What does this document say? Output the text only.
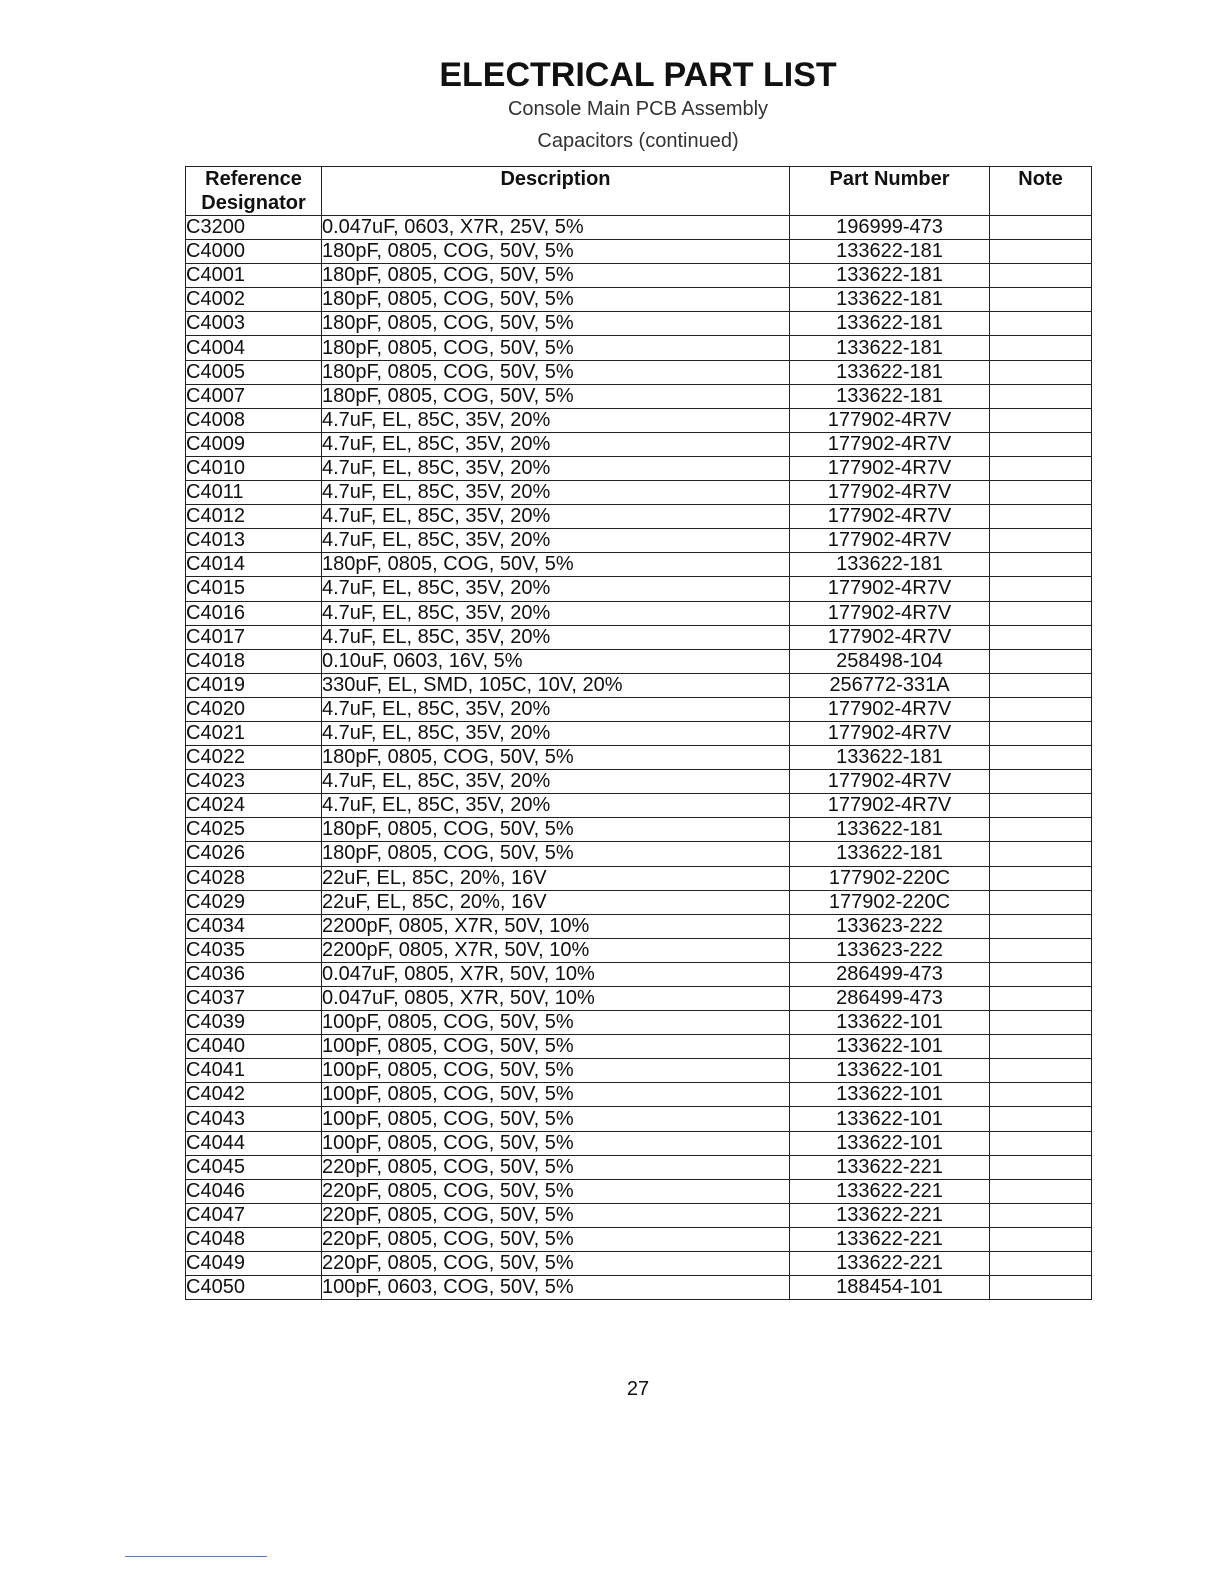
ELECTRICAL PART LIST
Console Main PCB Assembly
Capacitors (continued)
Reference
Designator	Description	Part Number	Note
C3200	0.047uF, 0603, X7R, 25V, 5%	196999-473	
C4000	180pF, 0805, COG, 50V, 5%	133622-181	
C4001	180pF, 0805, COG, 50V, 5%	133622-181	
C4002	180pF, 0805, COG, 50V, 5%	133622-181	
C4003	180pF, 0805, COG, 50V, 5%	133622-181	
C4004	180pF, 0805, COG, 50V, 5%	133622-181	
C4005	180pF, 0805, COG, 50V, 5%	133622-181	
C4007	180pF, 0805, COG, 50V, 5%	133622-181	
C4008	4.7uF, EL, 85C, 35V, 20%	177902-4R7V	
C4009	4.7uF, EL, 85C, 35V, 20%	177902-4R7V	
C4010	4.7uF, EL, 85C, 35V, 20%	177902-4R7V	
C4011	4.7uF, EL, 85C, 35V, 20%	177902-4R7V	
C4012	4.7uF, EL, 85C, 35V, 20%	177902-4R7V	
C4013	4.7uF, EL, 85C, 35V, 20%	177902-4R7V	
C4014	180pF, 0805, COG, 50V, 5%	133622-181	
C4015	4.7uF, EL, 85C, 35V, 20%	177902-4R7V	
C4016	4.7uF, EL, 85C, 35V, 20%	177902-4R7V	
C4017	4.7uF, EL, 85C, 35V, 20%	177902-4R7V	
C4018	0.10uF, 0603, 16V, 5%	258498-104	
C4019	330uF, EL, SMD, 105C, 10V, 20%	256772-331A	
C4020	4.7uF, EL, 85C, 35V, 20%	177902-4R7V	
C4021	4.7uF, EL, 85C, 35V, 20%	177902-4R7V	
C4022	180pF, 0805, COG, 50V, 5%	133622-181	
C4023	4.7uF, EL, 85C, 35V, 20%	177902-4R7V	
C4024	4.7uF, EL, 85C, 35V, 20%	177902-4R7V	
C4025	180pF, 0805, COG, 50V, 5%	133622-181	
C4026	180pF, 0805, COG, 50V, 5%	133622-181	
C4028	22uF, EL, 85C, 20%, 16V	177902-220C	
C4029	22uF, EL, 85C, 20%, 16V	177902-220C	
C4034	2200pF, 0805, X7R, 50V, 10%	133623-222	
C4035	2200pF, 0805, X7R, 50V, 10%	133623-222	
C4036	0.047uF, 0805, X7R, 50V, 10%	286499-473	
C4037	0.047uF, 0805, X7R, 50V, 10%	286499-473	
C4039	100pF, 0805, COG, 50V, 5%	133622-101	
C4040	100pF, 0805, COG, 50V, 5%	133622-101	
C4041	100pF, 0805, COG, 50V, 5%	133622-101	
C4042	100pF, 0805, COG, 50V, 5%	133622-101	
C4043	100pF, 0805, COG, 50V, 5%	133622-101	
C4044	100pF, 0805, COG, 50V, 5%	133622-101	
C4045	220pF, 0805, COG, 50V, 5%	133622-221	
C4046	220pF, 0805, COG, 50V, 5%	133622-221	
C4047	220pF, 0805, COG, 50V, 5%	133622-221	
C4048	220pF, 0805, COG, 50V, 5%	133622-221	
C4049	220pF, 0805, COG, 50V, 5%	133622-221	
C4050	100pF, 0603, COG, 50V, 5%	188454-101	
27
